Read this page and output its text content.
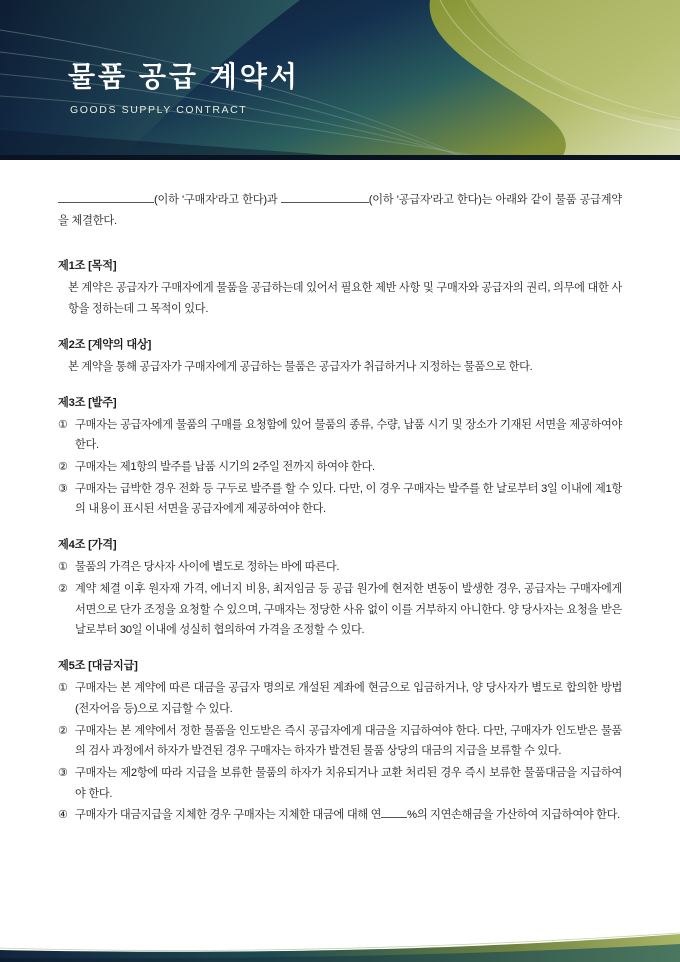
물품 공급 계약서
GOODS SUPPLY CONTRACT

(이하 '구매자'라고 한다)과	(이하 '공급자'라고 한다)는 아래와 같이 물품 공급계약을 체결한다.

제1조 [목적]
본 계약은 공급자가 구매자에게 물품을 공급하는데 있어서 필요한 제반 사항 및 구매자와 공급자의 권리, 의무에 대한 사항을 정하는데 그 목적이 있다.
제2조 [계약의 대상]
본 계약을 통해 공급자가 구매자에게 공급하는 물품은 공급자가 취급하거나 지정하는 물품으로 한다.
제3조 [발주]
① 구매자는 공급자에게 물품의 구매를 요청함에 있어 물품의 종류, 수량, 납품 시기 및 장소가 기재된 서면을 제공하여야 한다.
② 구매자는 제1항의 발주를 납품 시기의 2주일 전까지 하여야 한다.
③ 구매자는 급박한 경우 전화 등 구두로 발주를 할 수 있다. 다만, 이 경우 구매자는 발주를 한 날로부터 3일 이내에 제1항의 내용이 표시된 서면을 공급자에게 제공하여야 한다.
제4조 [가격]
① 물품의 가격은 당사자 사이에 별도로 정하는 바에 따른다.
② 계약 체결 이후 원자재 가격, 에너지 비용, 최저임금 등 공급 원가에 현저한 변동이 발생한 경우, 공급자는 구매자에게 서면으로 단가 조정을 요청할 수 있으며, 구매자는 정당한 사유 없이 이를 거부하지 아니한다. 양 당사자는 요청을 받은 날로부터 30일 이내에 성실히 협의하여 가격을 조정할 수 있다.
제5조 [대금지급]
① 구매자는 본 계약에 따른 대금을 공급자 명의로 개설된 계좌에 현금으로 입금하거나, 양 당사자가 별도로 합의한 방법(전자어음 등)으로 지급할 수 있다.
② 구매자는 본 계약에서 정한 물품을 인도받은 즉시 공급자에게 대금을 지급하여야 한다. 다만, 구매자가 인도받은 물품의 검사 과정에서 하자가 발견된 경우 구매자는 하자가 발견된 물품 상당의 대금의 지급을 보류할 수 있다.
③ 구매자는 제2항에 따라 지급을 보류한 물품의 하자가 치유되거나 교환 처리된 경우 즉시 보류한 물품대금을 지급하여야 한다.
④ 구매자가 대금지급을 지체한 경우 구매자는 지체한 대금에 대해 연 %의 지연손해금을 가산하여 지급하여야 한다.
